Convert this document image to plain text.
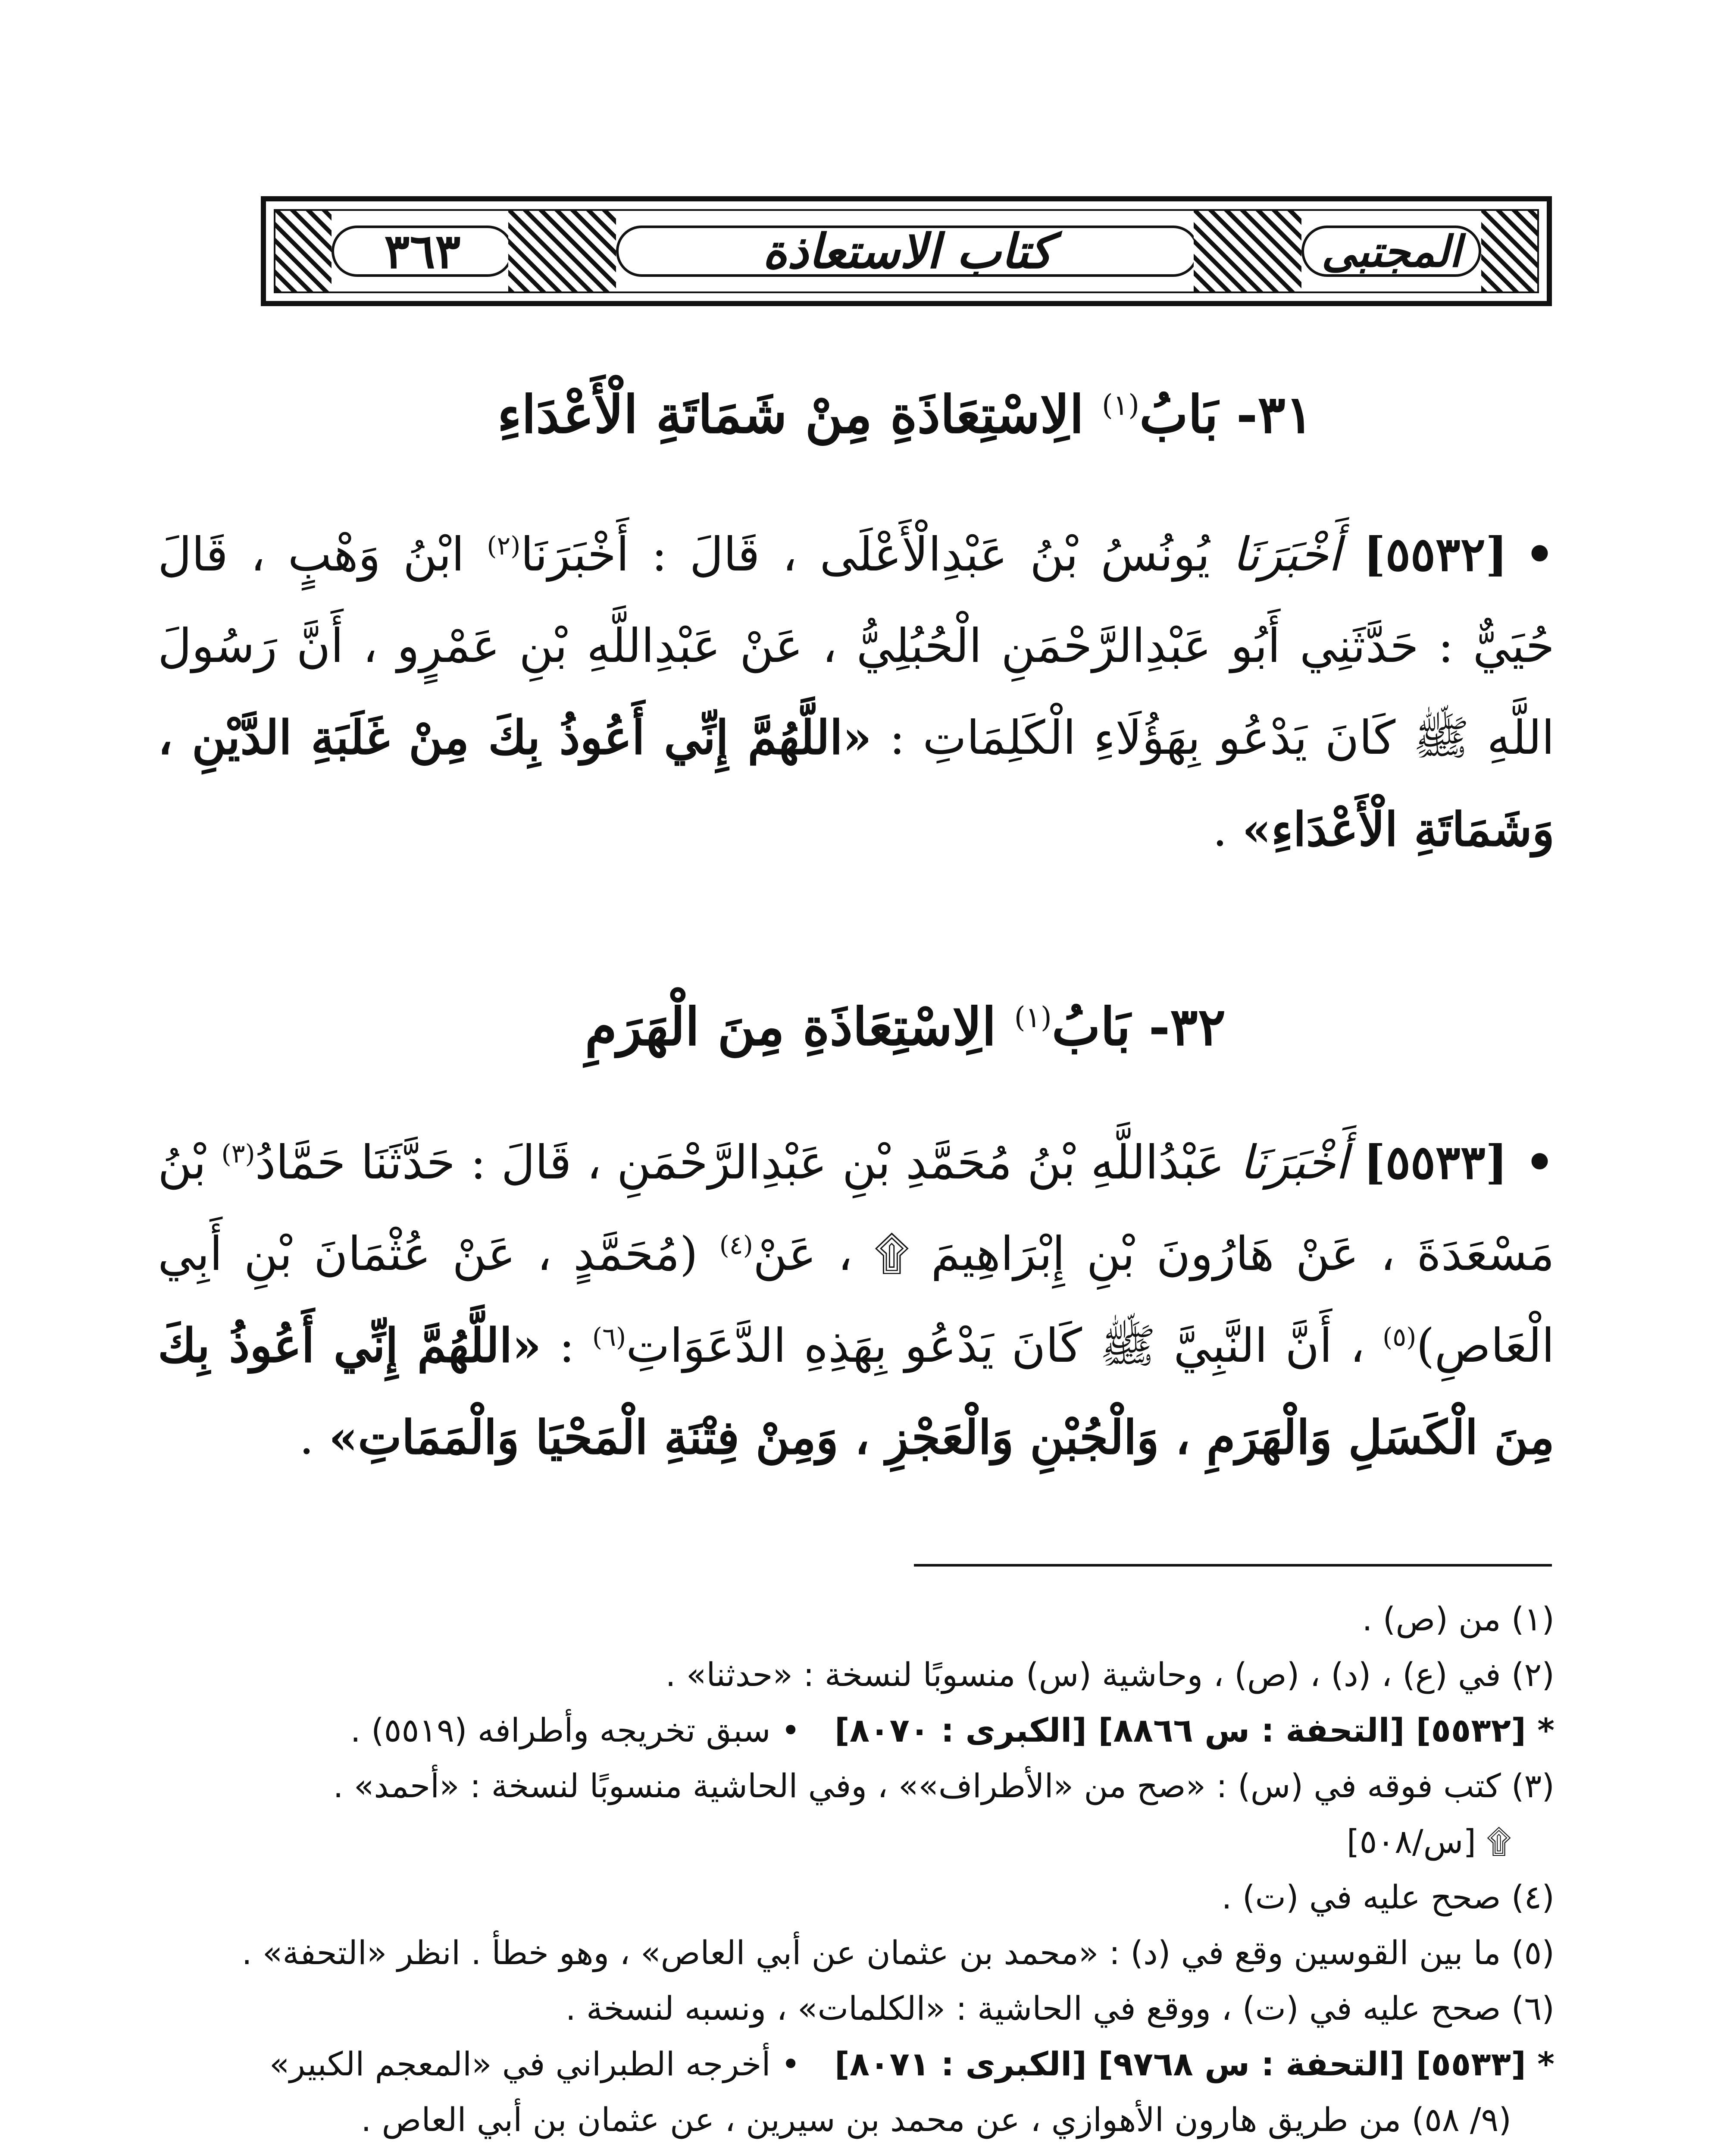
٣٦٣	كتاب الاستعاذة	المجتبى
٣١- بَابُ$^{(١)}$ الِاسْتِعَاذَةِ مِنْ شَمَاتَةِ الْأَعْدَاءِ
•[٥٥٣٢] أَخْبَرَنَا يُونُسُ بْنُ عَبْدِالْأَعْلَى ، قَالَ : أَخْبَرَنَا$^{(٢)}$ ابْنُ وَهْبٍ ، قَالَ حُيَيٌّ : حَدَّثَنِي أَبُو عَبْدِالرَّحْمَنِ الْحُبُلِيُّ ، عَنْ عَبْدِاللَّهِ بْنِ عَمْرٍو ، أَنَّ رَسُولَ اللَّهِ ﷺ كَانَ يَدْعُو بِهَؤُلَاءِ الْكَلِمَاتِ : «اللَّهُمَّ إِنِّي أَعُوذُ بِكَ مِنْ غَلَبَةِ الدَّيْنِ ، وَشَمَاتَةِ الْأَعْدَاءِ» .
٣٢- بَابُ$^{(١)}$ الِاسْتِعَاذَةِ مِنَ الْهَرَمِ
•[٥٥٣٣] أَخْبَرَنَا عَبْدُاللَّهِ بْنُ مُحَمَّدِ بْنِ عَبْدِالرَّحْمَنِ ، قَالَ : حَدَّثَنَا حَمَّادُ$^{(٣)}$ بْنُ مَسْعَدَةَ ، عَنْ هَارُونَ بْنِ إِبْرَاهِيمَ ۩ ، عَنْ$^{(٤)}$ (مُحَمَّدٍ ، عَنْ عُثْمَانَ بْنِ أَبِي الْعَاصِ)$^{(٥)}$ ، أَنَّ النَّبِيَّ ﷺ كَانَ يَدْعُو بِهَذِهِ الدَّعَوَاتِ$^{(٦)}$ : «اللَّهُمَّ إِنِّي أَعُوذُ بِكَ مِنَ الْكَسَلِ وَالْهَرَمِ ، وَالْجُبْنِ وَالْعَجْزِ ، وَمِنْ فِتْنَةِ الْمَحْيَا وَالْمَمَاتِ» .
(١) من (ص) .
(٢) في (ع) ، (د) ، (ص) ، وحاشية (س) منسوبًا لنسخة : «حدثنا» .
* [٥٥٣٢] [التحفة : س ٨٨٦٦] [الكبرى : ٨٠٧٠]   • سبق تخريجه وأطرافه (٥٥١٩) .
(٣) كتب فوقه في (س) : «صح من «الأطراف»» ، وفي الحاشية منسوبًا لنسخة : «أحمد» .
۩ [س/٥٠٨]
(٤) صحح عليه في (ت) .
(٥) ما بين القوسين وقع في (د) : «محمد بن عثمان عن أبي العاص» ، وهو خطأ . انظر «التحفة» .
(٦) صحح عليه في (ت) ، ووقع في الحاشية : «الكلمات» ، ونسبه لنسخة .
* [٥٥٣٣] [التحفة : س ٩٧٦٨] [الكبرى : ٨٠٧١]   • أخرجه الطبراني في «المعجم الكبير»
(٩/ ٥٨) من طريق هارون الأهوازي ، عن محمد بن سيرين ، عن عثمان بن أبي العاص .
